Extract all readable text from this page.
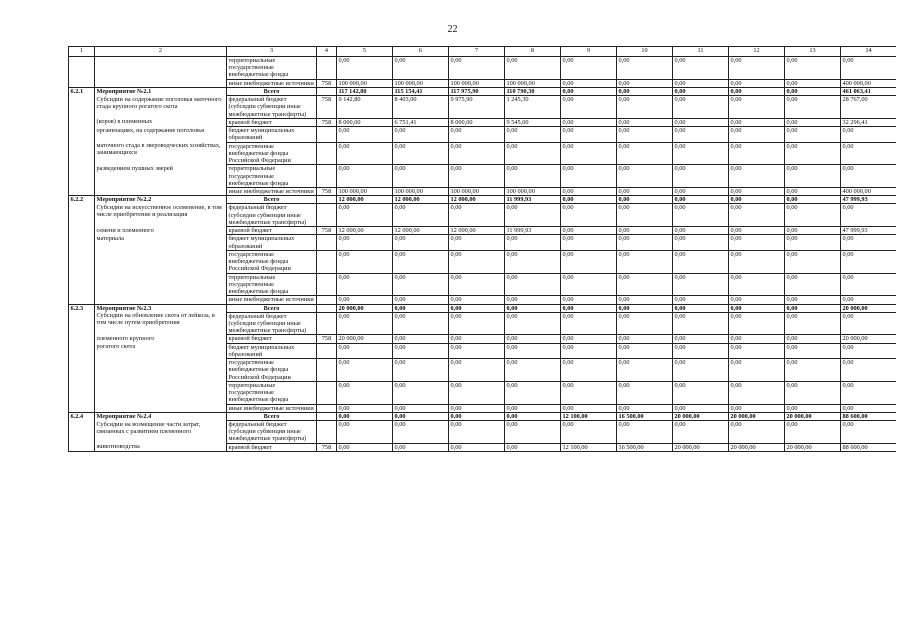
22
1	2	3	4	5	6	7	8	9	10	11	12	13	14
		территориальные государственные внебюджетные фонды		0,00	0,00	0,00	0,00	0,00	0,00	0,00	0,00	0,00	0,00
		иные внебюджетные источники	758	100 000,00	100 000,00	100 000,00	100 000,00	0,00	0,00	0,00	0,00	0,00	400 000,00
6.2.1	Мероприятие №2.1	Всего		117 142,80	115 154,41	117 975,90	110 790,30	0,00	0,00	0,00	0,00	0,00	461 063,41
	Субсидии на содержание поголовья маточного стада крупного рогатого скота	федеральный бюджет (субсидии субвенции иные межбюджетные трансферты)	758	9 142,80	8 403,00	9 975,90	1 245,30	0,00	0,00	0,00	0,00	0,00	28 767,00
	(коров) в племенных	краевой бюджет	758	8 000,00	6 751,41	8 000,00	9 545,00	0,00	0,00	0,00	0,00	0,00	32 296,41
	организациях, на содержание поголовья	бюджет муниципальных образований		0,00	0,00	0,00	0,00	0,00	0,00	0,00	0,00	0,00	0,00
	маточного стада в звероводческих хозяйствах, занимающихся	государственные внебюджетные фонды Российской Федерации		0,00	0,00	0,00	0,00	0,00	0,00	0,00	0,00	0,00	0,00
	разведением пушных зверей	территориальные государственные внебюджетные фонды		0,00	0,00	0,00	0,00	0,00	0,00	0,00	0,00	0,00	0,00
		иные внебюджетные источники	758	100 000,00	100 000,00	100 000,00	100 000,00	0,00	0,00	0,00	0,00	0,00	400 000,00
6.2.2	Мероприятие №2.2	Всего		12 000,00	12 000,00	12 000,00	11 999,93	0,00	0,00	0,00	0,00	0,00	47 999,93
	Субсидии на искусственное осеменение, в том числе приобретение и реализация	федеральный бюджет (субсидии субвенции иные межбюджетные трансферты)		0,00	0,00	0,00	0,00	0,00	0,00	0,00	0,00	0,00	0,00
	семени и племенного	краевой бюджет	758	12 000,00	12 000,00	12 000,00	11 999,93	0,00	0,00	0,00	0,00	0,00	47 999,93
	материала	бюджет муниципальных образований		0,00	0,00	0,00	0,00	0,00	0,00	0,00	0,00	0,00	0,00
		государственные внебюджетные фонды Российской Федерации		0,00	0,00	0,00	0,00	0,00	0,00	0,00	0,00	0,00	0,00
		территориальные государственные внебюджетные фонды		0,00	0,00	0,00	0,00	0,00	0,00	0,00	0,00	0,00	0,00
		иные внебюджетные источники		0,00	0,00	0,00	0,00	0,00	0,00	0,00	0,00	0,00	0,00
6.2.3	Мероприятие №2.3	Всего		20 000,00	0,00	0,00	0,00	0,00	0,00	0,00	0,00	0,00	20 000,00
	Субсидии на обновление скота от лейкоза, в том числе путем приобретения	федеральный бюджет (субсидии субвенции иные межбюджетные трансферты)		0,00	0,00	0,00	0,00	0,00	0,00	0,00	0,00	0,00	0,00
	племенного крупного	краевой бюджет	758	20 000,00	0,00	0,00	0,00	0,00	0,00	0,00	0,00	0,00	20 000,00
	рогатого скота	бюджет муниципальных образований		0,00	0,00	0,00	0,00	0,00	0,00	0,00	0,00	0,00	0,00
		государственные внебюджетные фонды Российской Федерации		0,00	0,00	0,00	0,00	0,00	0,00	0,00	0,00	0,00	0,00
		территориальные государственные внебюджетные фонды		0,00	0,00	0,00	0,00	0,00	0,00	0,00	0,00	0,00	0,00
		иные внебюджетные источники		0,00	0,00	0,00	0,00	0,00	0,00	0,00	0,00	0,00	0,00
6.2.4	Мероприятие №2.4	Всего		0,00	0,00	0,00	0,00	12 100,00	16 500,00	20 000,00	20 000,00	20 000,00	88 600,00
	Субсидии на возмещение части затрат, связанных с развитием племенного	федеральный бюджет (субсидии субвенции иные межбюджетные трансферты)		0,00	0,00	0,00	0,00	0,00	0,00	0,00	0,00	0,00	0,00
	животноводства	краевой бюджет	758	0,00	0,00	0,00	0,00	12 100,00	16 500,00	20 000,00	20 000,00	20 000,00	88 600,00
